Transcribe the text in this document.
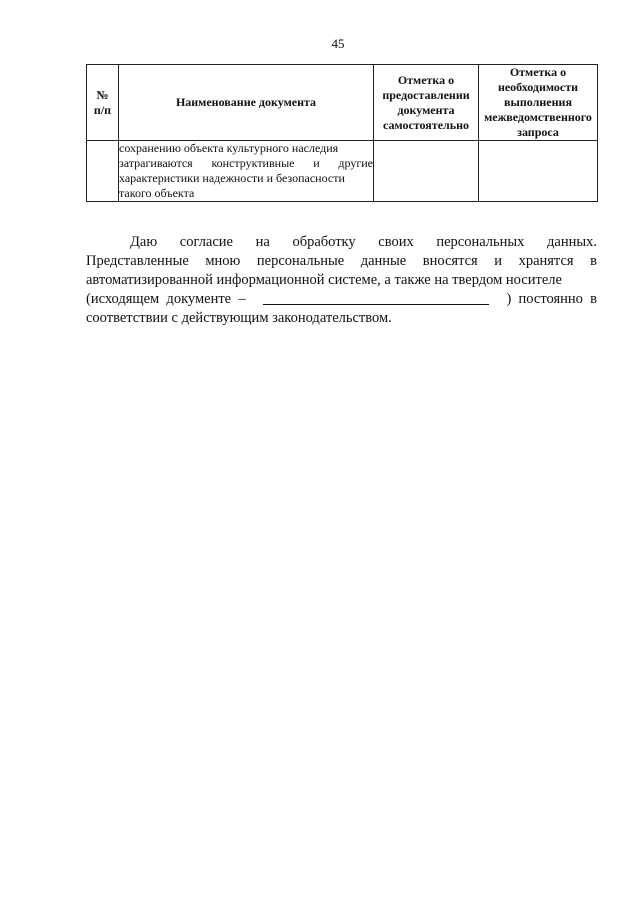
45
№
п/п	Наименование документа	Отметка о
предоставлении
документа
самостоятельно	Отметка о
необходимости
выполнения
межведомственного
запроса

	сохранению объекта культурного наследия
затрагиваются конструктивные и другие
характеристики надежности и безопасности
такого объекта		

Даю согласие на обработку своих персональных данных.
Представленные мною персональные данные вносятся и хранятся в
автоматизированной информационной системе, а также на твердом носителе
(исходящем  документе  –	)  постоянно  в
соответствии с действующим законодательством.
